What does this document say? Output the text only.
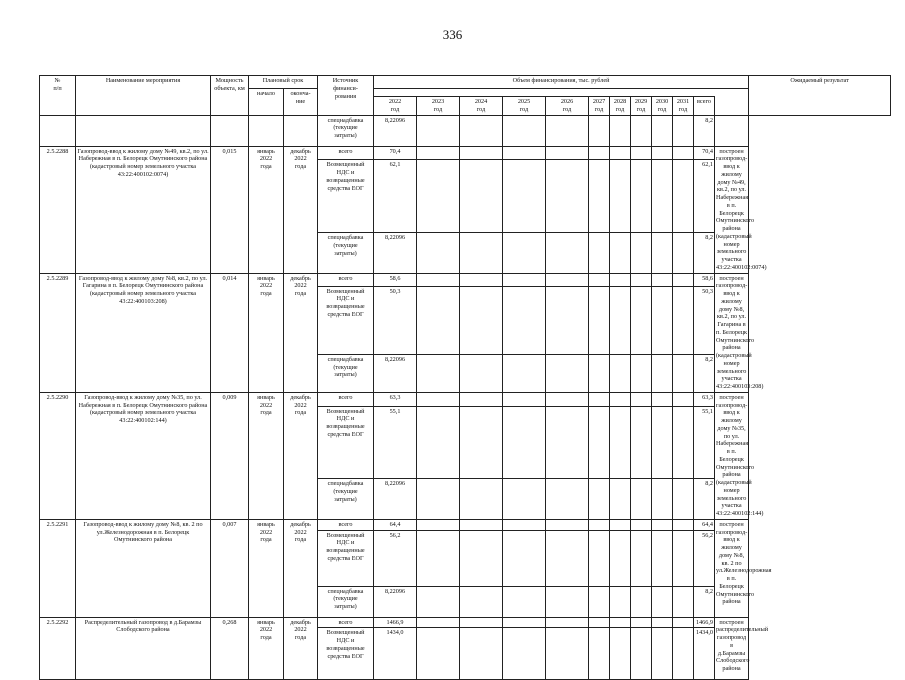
336
№
п/п	Наименование мероприятия	Мощность объекта, км	Плановый срок		Источник
финанси-
рования	Объем финансирования, тыс. рублей												Ожидаемый результат
			начало	оконча-
ние														
						2022
год	2023
год	2024
год	2025
год	2026
год	2027
год	2028
год	2029
год	2030
год	2031
год	всего		
					спецнадбавка
(текущие
затраты)	8,22096										8,2		
2.5.2288	Газопровод-ввод к жилому дому №49, кв.2, по ул. Набережная в п. Белорецк Омутнинского района (кадастровый номер земельного участка 43:22:400102:0074)	0,015	январь
2022
года	декабрь
2022
года	всего	70,4										70,4	построен газопровод-ввод к жилому дому №49, кв.2, по ул. Набережная в п. Белорецк Омутнинского района (кадастровый номер земельного участка 43:22:400102:0074)	
					Возмещенный
НДС и
возвращенные
средства ЕОГ	62,1										62,1		
					спецнадбавка
(текущие
затраты)	8,22096										8,2		
2.5.2289	Газопровод-ввод к жилому дому №8, кв.2, по ул. Гагарина в п. Белорецк Омутнинского района (кадастровый номер земельного участка 43:22:400103:208)	0,014	январь
2022
года	декабрь
2022
года	всего	58,6										58,6	построен газопровод-ввод к жилому дому №8, кв.2, по ул. Гагарина в п. Белорецк Омутнинского района (кадастровый номер земельного участка 43:22:400103:208)	
					Возмещенный
НДС и
возвращенные
средства ЕОГ	50,3										50,3		
					спецнадбавка
(текущие
затраты)	8,22096										8,2		
2.5.2290	Газопровод-ввод к жилому дому №35, по ул. Набережная в п. Белорецк Омутнинского района (кадастровый номер земельного участка 43:22:400102:144)	0,009	январь
2022
года	декабрь
2022
года	всего	63,3										63,3	построен газопровод-ввод к жилому дому №35, по ул. Набережная в п. Белорецк Омутнинского района (кадастровый номер земельного участка 43:22:400102:144)	
					Возмещенный
НДС и
возвращенные
средства ЕОГ	55,1										55,1		
					спецнадбавка
(текущие
затраты)	8,22096										8,2		
2.5.2291	Газопровод-ввод к жилому дому №8, кв. 2 по ул.Железнодорожная в п. Белорецк Омутнинского района	0,007	январь
2022
года	декабрь
2022
года	всего	64,4										64,4	построен газопровод-ввод к жилому дому №8, кв. 2 по ул.Железнодорожная в п. Белорецк Омутнинского района	
					Возмещенный
НДС и
возвращенные
средства ЕОГ	56,2										56,2		
					спецнадбавка
(текущие
затраты)	8,22096										8,2		
2.5.2292	Распределительный газопровод в д.Барамзы Слободского района	0,268	январь
2022
года	декабрь
2022
года	всего	1466,9										1466,9	построен распределительный газопровод в д.Барамзы Слободского района	
					Возмещенный
НДС и
возвращенные
средства ЕОГ	1434,0										1434,0		
